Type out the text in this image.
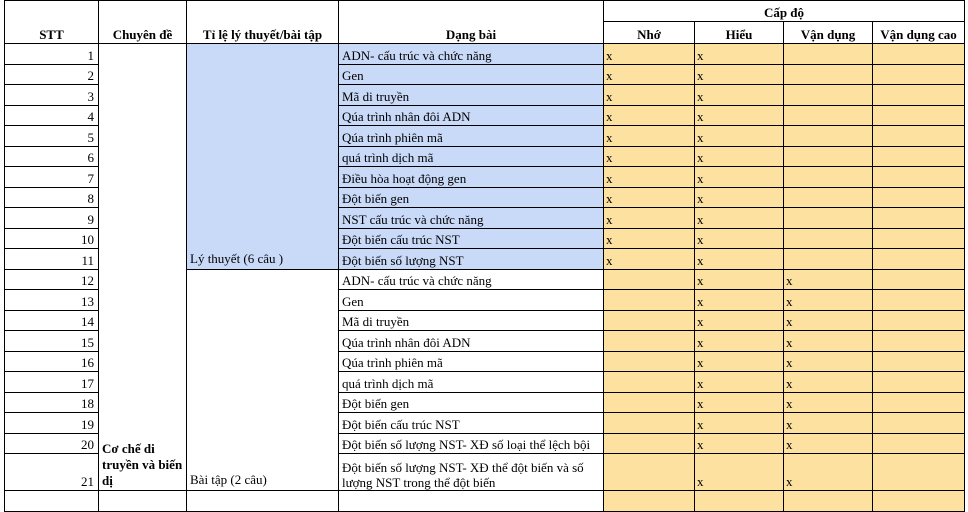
STT	Chuyên đề	Tỉ lệ lý thuyết/bài tập	Dạng bài	Cấp độ			
				Nhớ	Hiểu	Vận dụng	Vận dụng cao
1	Cơ chế di truyền và biến dị	Lý thuyết (6 câu )	ADN- cấu trúc và chức năng	x	x		
2			Gen	x	x		
3			Mã di truyền	x	x		
4			Qúa trình nhân đôi ADN	x	x		
5			Qúa trình phiên mã	x	x		
6			quá trình dịch mã	x	x		
7			Điều hòa hoạt động gen	x	x		
8			Đột biến gen	x	x		
9			NST cấu trúc và chức năng	x	x		
10			Đột biến cấu trúc NST	x	x		
11			Đột biến số lượng NST	x	x		
12		Bài tập (2 câu)	ADN- cấu trúc và chức năng		x	x	
13			Gen		x	x	
14			Mã di truyền		x	x	
15			Qúa trình nhân đôi ADN		x	x	
16			Qúa trình phiên mã		x	x	
17			quá trình dịch mã		x	x	
18			Đột biến gen		x	x	
19			Đột biến cấu trúc NST		x	x	
20			Đột biến số lượng NST- XĐ số loại thể lệch bội		x	x	
21			Đột biến số lượng NST- XĐ thể đột biến và số lượng NST trong thể đột biến		x	x	
